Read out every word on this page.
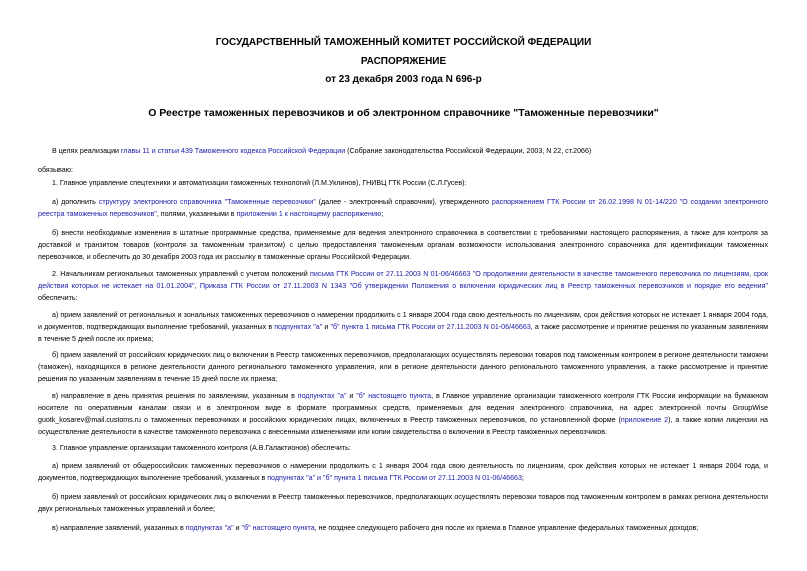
ГОСУДАРСТВЕННЫЙ ТАМОЖЕННЫЙ КОМИТЕТ РОССИЙСКОЙ ФЕДЕРАЦИИ
РАСПОРЯЖЕНИЕ
от 23 декабря 2003 года N 696-р
О Реестре таможенных перевозчиков и об электронном справочнике "Таможенные перевозчики"
В целях реализации главы 11 и статьи 439 Таможенного кодекса Российской Федерации (Собрание законодательства Российской Федерации, 2003, N 22, ст.2066)
обязываю:
1. Главное управление спецтехники и автоматизации таможенных технологий (Л.М.Уклинов), ГНИВЦ ГТК России (С.Л.Гусев):
а) дополнить структуру электронного справочника "Таможенные перевозчики" (далее - электронный справочник), утвержденного распоряжением ГТК России от 26.02.1998 N 01-14/220 "О создании электронного реестра таможенных перевозчиков", полями, указанными в приложении 1 к настоящему распоряжению;
б) внести необходимые изменения в штатные программные средства, применяемые для ведения электронного справочника в соответствии с требованиями настоящего распоряжения, а также для контроля за доставкой и транзитом товаров (контроля за таможенным транзитом) с целью предоставления таможенным органам возможности использования электронного справочника для идентификации таможенных перевозчиков, и обеспечить до 30 декабря 2003 года их рассылку в таможенные органы Российской Федерации.
2. Начальникам региональных таможенных управлений с учетом положений письма ГТК России от 27.11.2003 N 01-06/46663 "О продолжении деятельности в качестве таможенного перевозчика по лицензиям, срок действия которых не истекает на 01.01.2004", Приказа ГТК России от 27.11.2003 N 1343 "Об утверждении Положения о включении юридических лиц в Реестр таможенных перевозчиков и порядке его ведения" обеспечить:
а) прием заявлений от региональных и зональных таможенных перевозчиков о намерении продолжить с 1 января 2004 года свою деятельность по лицензиям, срок действия которых не истекает 1 января 2004 года, и документов, подтверждающих выполнение требований, указанных в подпунктах "а" и "б" пункта 1 письма ГТК России от 27.11.2003 N 01-06/46663, а также рассмотрение и принятие решения по указанным заявлениям в течение 5 дней после их приема;
б) прием заявлений от российских юридических лиц о включении в Реестр таможенных перевозчиков, предполагающих осуществлять перевозки товаров под таможенным контролем в регионе деятельности таможни (таможен), находящихся в регионе деятельности данного регионального таможенного управления, или в регионе деятельности данного регионального таможенного управления, а также рассмотрение и принятие решения по указанным заявлениям в течение 15 дней после их приема;
в) направление в день принятия решения по заявлениям, указанным в подпунктах "а" и "б" настоящего пункта, в Главное управление организации таможенного контроля ГТК России информации на бумажном носителе по оперативным каналам связи и в электронном виде в формате программных средств, применяемых для ведения электронного справочника, на адрес электронной почты GroupWise guotk_kosarev@mail.customs.ru о таможенных перевозчиках и российских юридических лицах, включенных в Реестр таможенных перевозчиков, по установленной форме (приложение 2), а также копии лицензии на осуществление деятельности в качестве таможенного перевозчика с внесенными изменениями или копии свидетельства о включении в Реестр таможенных перевозчиков.
3. Главное управление организации таможенного контроля (А.В.Галактионов) обеспечить:
а) прием заявлений от общероссийских таможенных перевозчиков о намерении продолжить с 1 января 2004 года свою деятельность по лицензиям, срок действия которых не истекает 1 января 2004 года, и документов, подтверждающих выполнение требований, указанных в подпунктах "а" и "б" пункта 1 письма ГТК России от 27.11.2003 N 01-06/46663;
б) прием заявлений от российских юридических лиц о включении в Реестр таможенных перевозчиков, предполагающих осуществлять перевозки товаров под таможенным контролем в рамках региона деятельности двух региональных таможенных управлений и более;
в) направление заявлений, указанных в подпунктах "а" и "б" настоящего пункта, не позднее следующего рабочего дня после их приема в Главное управление федеральных таможенных доходов;
